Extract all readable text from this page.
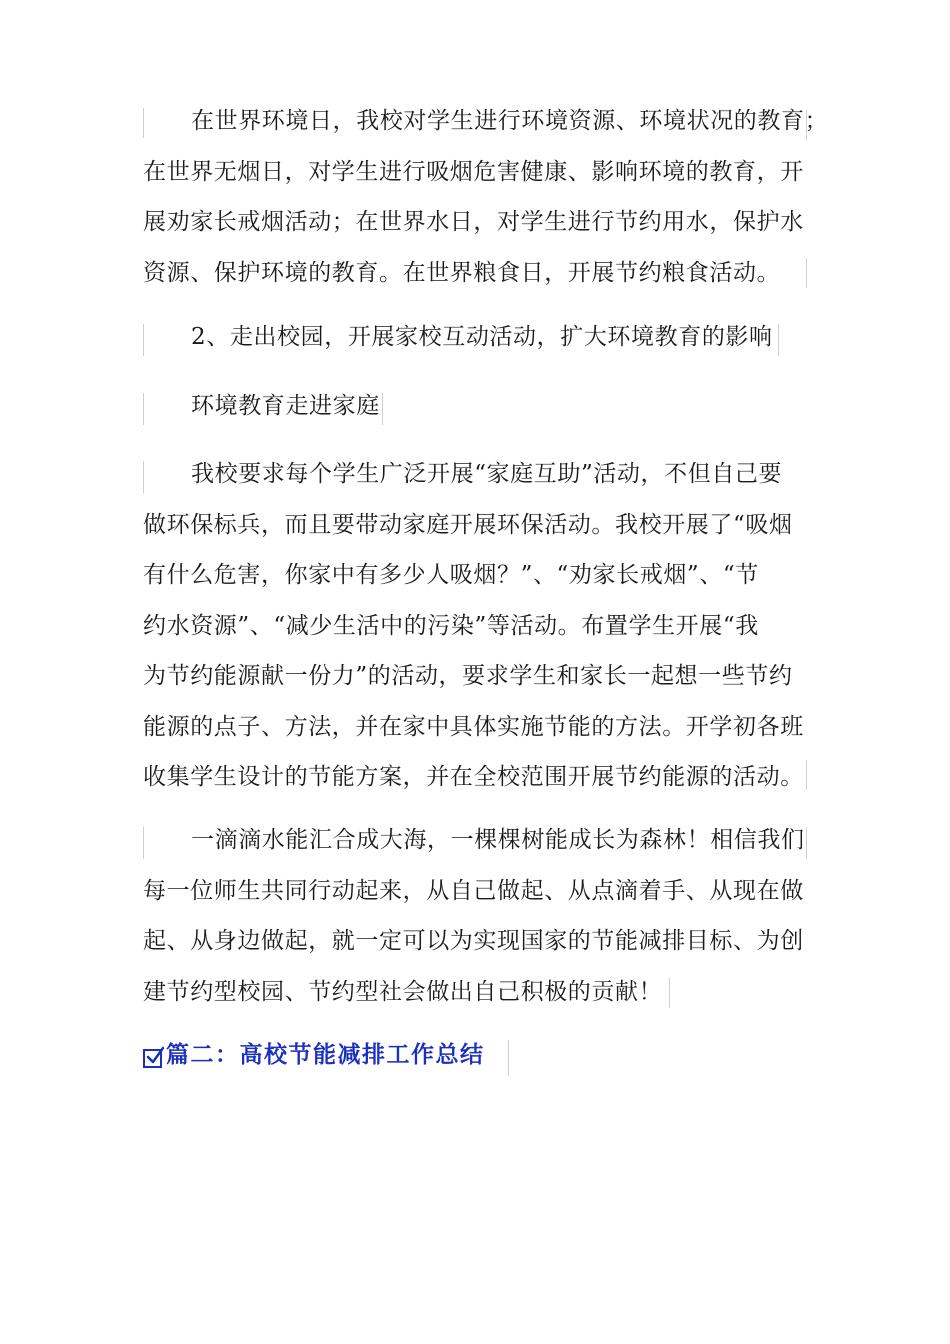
在世界环境日，我校对学生进行环境资源、环境状况的教育；
在世界无烟日，对学生进行吸烟危害健康、影响环境的教育，开
展劝家长戒烟活动；在世界水日，对学生进行节约用水，保护水
资源、保护环境的教育。在世界粮食日，开展节约粮食活动。
2、走出校园，开展家校互动活动，扩大环境教育的影响
环境教育走进家庭
我校要求每个学生广泛开展“家庭互助”活动，不但自己要
做环保标兵，而且要带动家庭开展环保活动。我校开展了“吸烟
有什么危害，你家中有多少人吸烟？”、“劝家长戒烟”、“节
约水资源”、“减少生活中的污染”等活动。布置学生开展“我
为节约能源献一份力”的活动，要求学生和家长一起想一些节约
能源的点子、方法，并在家中具体实施节能的方法。开学初各班
收集学生设计的节能方案，并在全校范围开展节约能源的活动。
一滴滴水能汇合成大海，一棵棵树能成长为森林！相信我们
每一位师生共同行动起来，从自己做起、从点滴着手、从现在做
起、从身边做起，就一定可以为实现国家的节能减排目标、为创
建节约型校园、节约型社会做出自己积极的贡献！
篇二：高校节能减排工作总结
